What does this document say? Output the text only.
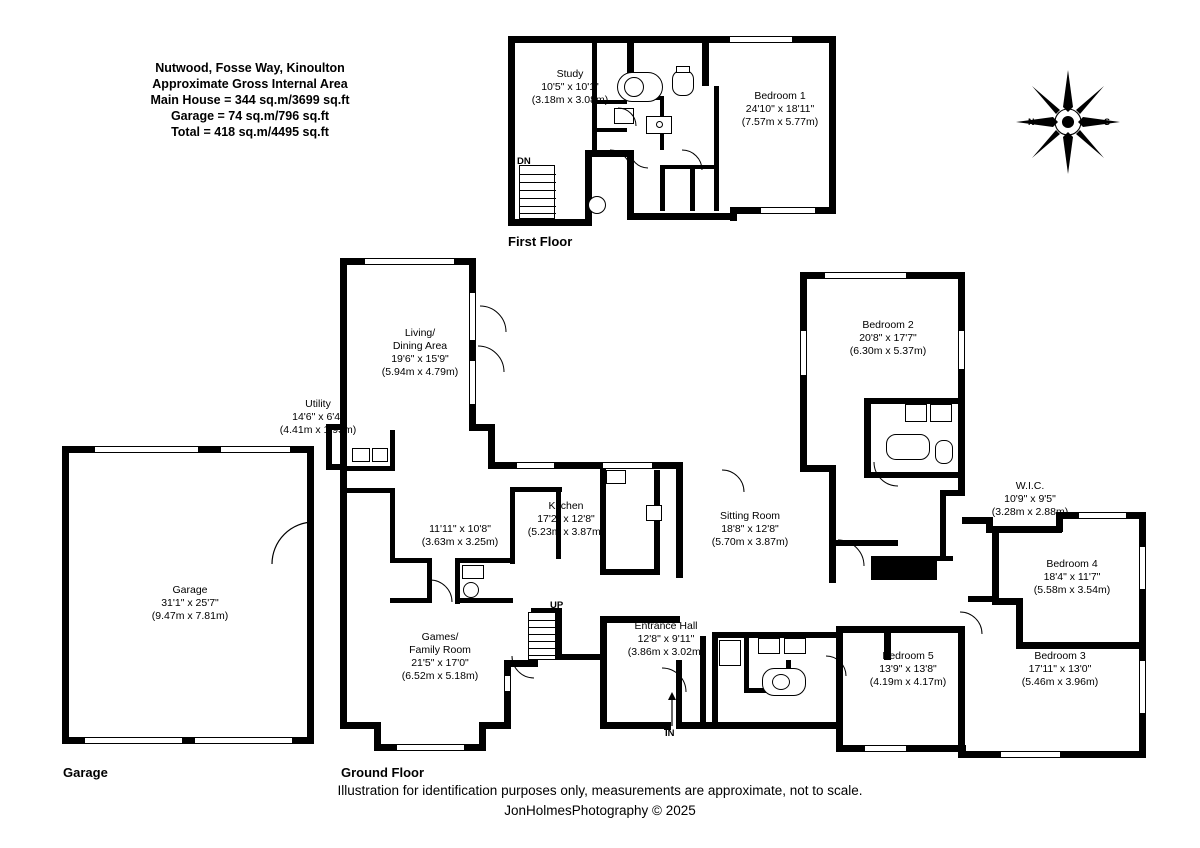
Nutwood, Fosse Way, Kinoulton
Approximate Gross Internal Area
Main House = 344 sq.m/3699 sq.ft
Garage = 74 sq.m/796 sq.ft
Total = 418 sq.m/4495 sq.ft
N	S
DN
Study
10'5" x 10'1"
(3.18m x 3.08m)	Bedroom 1
24'10" x 18'11"
(7.57m x 5.77m)
First Floor
Garage
31'1" x 25'7"
(9.47m x 7.81m)
Garage
UP
IN
Living/
Dining Area
19'6" x 15'9"
(5.94m x 4.79m)
Utility
14'6" x 6'4"
(4.41m x 1.93m)
11'11" x 10'8"
(3.63m x 3.25m)
Kitchen
17'2" x 12'8"
(5.23m x 3.87m)
Sitting Room
18'8" x 12'8"
(5.70m x 3.87m)
Games/
Family Room
21'5" x 17'0"
(6.52m x 5.18m)
Entrance Hall
12'8" x 9'11"
(3.86m x 3.02m)
Bedroom 2
20'8" x 17'7"
(6.30m x 5.37m)
W.I.C.
10'9" x 9'5"
(3.28m x 2.88m)
Bedroom 4
18'4" x 11'7"
(5.58m x 3.54m)
Bedroom 5
13'9" x 13'8"
(4.19m x 4.17m)
Bedroom 3
17'11" x 13'0"
(5.46m x 3.96m)
Ground Floor
Illustration for identification purposes only, measurements are approximate, not to scale.
JonHolmesPhotography © 2025
